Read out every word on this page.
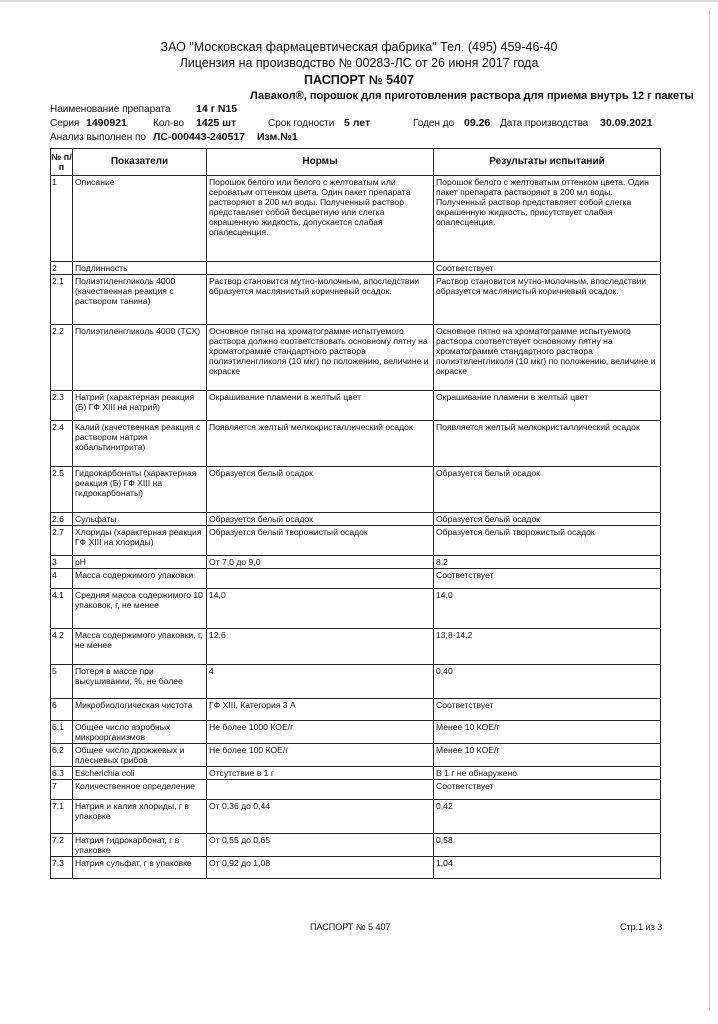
ЗАО "Московская фармацевтическая фабрика" Тел. (495) 459-46-40
Лицензия на производство № 00283-ЛС от 26 июня 2017 года
ПАСПОРТ № 5407
Лавакол®, порошок для приготовления раствора для приема внутрь 12 г пакеты
Наименование препарата 14 г N15
Серия 1490921	Кол-во 1425 шт	Срок годности 5 лет	Годен до 09.26 Дата производства 30.09.2021
Анализ выполнен по ЛС-000443-240517 Изм.№1
№ п/п	Показатели	Нормы	Результаты испытаний
1	Описание	Порошок белого или белого с желтоватым или сероватым оттенком цвета. Один пакет препарата растворяют в 200 мл воды. Полученный раствор представляет собой бесцветную или слегка окрашенную жидкость, допускается слабая опалесценция.	Порошок белого с желтоватым оттенком цвета. Один пакет препарата растворяют в 200 мл воды. Полученный раствор представляет собой слегка окрашенную жидкость, присутствует слабая опалесценция.
2	Подлинность		Соответствует
2.1	Полиэтиленгликоль 4000 (качественная реакция с раствором танина)	Раствор становится мутно-молочным, впоследствии образуется маслянистый коричневый осадок.	Раствор становится мутно-молочным, впоследствии образуется маслянистый коричневый осадок.
2.2	Полиэтиленгликоль 4000 (ТСХ)	Основное пятно на хроматограмме испытуемого раствора должно соответствовать основному пятну на хроматограмме стандартного раствора полиэтиленгликоля (10 мкг) по положению, величине и окраске	Основное пятно на хроматограмме испытуемого раствора соответствует основному пятну на хроматограмме стандартного раствора полиэтиленгликоля (10 мкг) по положению, величине и окраске
2.3	Натрий (характерная реакция (Б) ГФ XIII на натрий)	Окрашивание пламени в желтый цвет	Окрашивание пламени в желтый цвет
2.4	Калий (качественная реакция с раствором натрия кобальтинитрита)	Появляется желтый мелкокристаллический осадок	Появляется желтый мелкокристаллический осадок
2.5	Гидрокарбонаты (характерная реакция (Б) ГФ XIII на гидрокарбонаты)	Образуется белый осадок	Образуется белый осадок
2.6	Сульфаты	Образуется белый осадок	Образуется белый осадок
2.7	Хлориды (характерная реакция ГФ XIII на хлориды)	Образуется белый творожистый осадок	Образуется белый творожистый осадок
3	pH	От 7,0 до 9,0	8,2
4	Масса содержимого упаковки		Соответствует
4.1	Средняя масса содержимого 10 упаковок, г, не менее	14,0	14,0
4.2	Масса содержимого упаковки, г, не менее	12,6	13,8-14,2
5	Потеря в массе при высушивании, %, не более	4	0,40
6	Микробиологическая чистота	ГФ XIII, Категория 3 А	Соответствует
6.1	Общее число аэробных микроорганизмов	Не более 1000 КОЕ/г	Менее 10 КОЕ/г
6.2	Общее число дрожжевых и плесневых грибов	Не более 100 КОЕ/г	Менее 10 КОЕ/г
6.3	Escherichia coli	Отсутствие в 1 г	В 1 г не обнаружено
7	Количественное определение		Соответствует
7.1	Натрия и калия хлориды, г в упаковке	От 0,36 до 0,44	0,42
7.2	Натрия гидрокарбонат, г в упаковке	От 0,55 до 0,65	0,58
7.3	Натрия сульфат, г в упаковке	От 0,92 до 1,08	1,04
ПАСПОРТ № 5 407	Стр.1 из 3
